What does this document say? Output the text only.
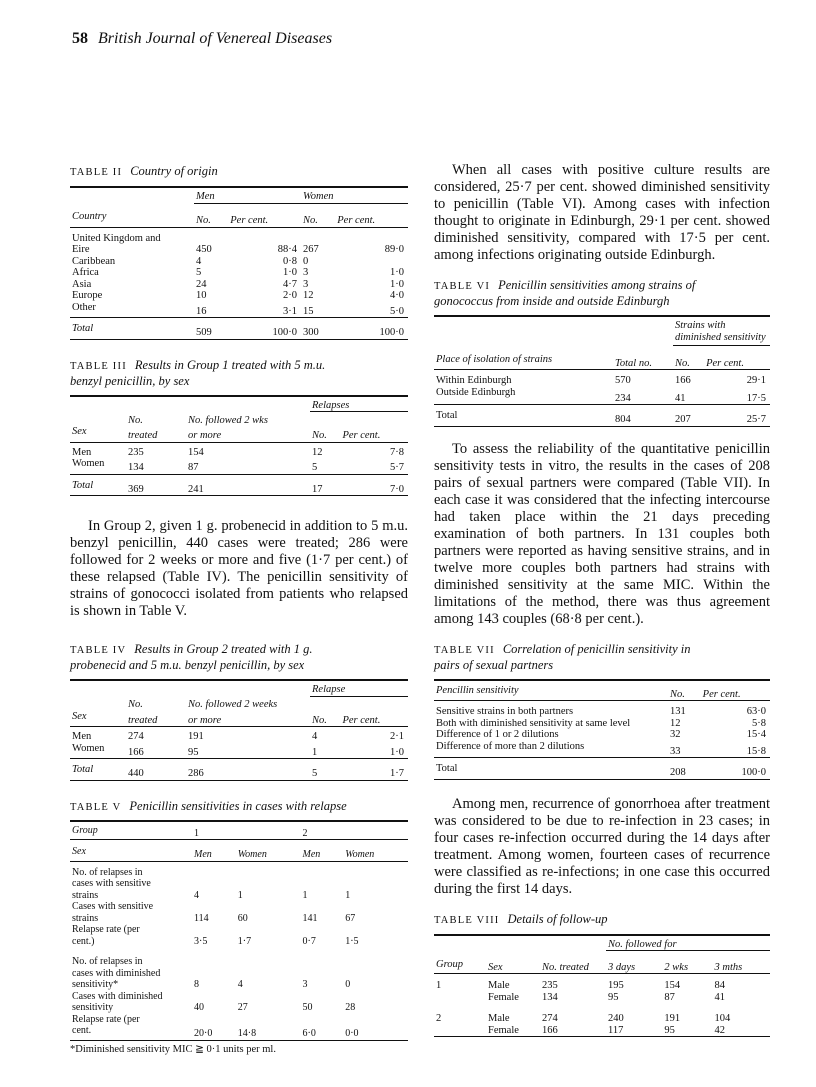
58 British Journal of Venereal Diseases
TABLE II Country of origin
	Men		Women	
Country	No.	Per cent.	No.	Per cent.
United Kingdom and				
Eire	450	88·4	267	89·0
Caribbean	4	0·8	0	
Africa	5	1·0	3	1·0
Asia	24	4·7	3	1·0
Europe	10	2·0	12	4·0
Other	16	3·1	15	5·0
Total	509	100·0	300	100·0
TABLE III Results in Group 1 treated with 5 m.u.
benzyl penicillin, by sex
			Relapses	
	No.	No. followed 2 wks		
Sex	treated	or more	No.	Per cent.
Men	235	154	12	7·8
Women	134	87	5	5·7
Total	369	241	17	7·0

In Group 2, given 1 g. probenecid in addition to 5 m.u. benzyl penicillin, 440 cases were treated; 286 were followed for 2 weeks or more and five (1·7 per cent.) of these relapsed (Table IV). The penicillin sensitivity of strains of gonococci isolated from patients who relapsed is shown in Table V.

TABLE IV Results in Group 2 treated with 1 g.
probenecid and 5 m.u. benzyl penicillin, by sex
			Relapse	
	No.	No. followed 2 weeks		
Sex	treated	or more	No.	Per cent.
Men	274	191	4	2·1
Women	166	95	1	1·0
Total	440	286	5	1·7
TABLE V Penicillin sensitivities in cases with relapse
Group	1		2	
Sex	Men	Women	Men	Women

No. of relapses in				
cases with sensitive				
strains	4	1	1	1
Cases with sensitive				
strains	114	60	141	67
Relapse rate (per				
cent.)	3·5	1·7	0·7	1·5

No. of relapses in				
cases with diminished				
sensitivity*	8	4	3	0
Cases with diminished				
sensitivity	40	27	50	28
Relapse rate (per				
cent.	20·0	14·8	6·0	0·0
*Diminished sensitivity MIC ≧ 0·1 units per ml.

When all cases with positive culture results are considered, 25·7 per cent. showed diminished sensitivity to penicillin (Table VI). Among cases with infection thought to originate in Edinburgh, 29·1 per cent. showed diminished sensitivity, compared with 17·5 per cent. among infections originating outside Edinburgh.

TABLE VI Penicillin sensitivities among strains of
gonococcus from inside and outside Edinburgh
		Strains with	
		diminished sensitivity	
Place of isolation of strains	Total no.	No.	Per cent.
Within Edinburgh	570	166	29·1
Outside Edinburgh	234	41	17·5
Total	804	207	25·7

To assess the reliability of the quantitative penicillin sensitivity tests in vitro, the results in the cases of 208 pairs of sexual partners were compared (Table VII). In each case it was considered that the infecting intercourse had taken place within the 21 days preceding examination of both partners. In 131 couples both partners were reported as having sensitive strains, and in twelve more couples both partners had strains with diminished sensitivity at the same MIC. Within the limitations of the method, there was thus agreement among 143 couples (68·8 per cent.).

TABLE VII Correlation of penicillin sensitivity in
pairs of sexual partners
Pencillin sensitivity	No.	Per cent.
Sensitive strains in both partners	131	63·0
Both with diminished sensitivity at same level	12	5·8
Difference of 1 or 2 dilutions	32	15·4
Difference of more than 2 dilutions	33	15·8
Total	208	100·0

Among men, recurrence of gonorrhoea after treatment was considered to be due to re-infection in 23 cases; in four cases re-infection occurred during the 14 days after treatment. Among women, fourteen cases of recurrence were classified as re-infections; in one case this occurred during the first 14 days.

TABLE VIII Details of follow-up
			No. followed for		
Group	Sex	No. treated	3 days	2 wks	3 mths
1	Male	235	195	154	84
	Female	134	95	87	41
2	Male	274	240	191	104
	Female	166	117	95	42
